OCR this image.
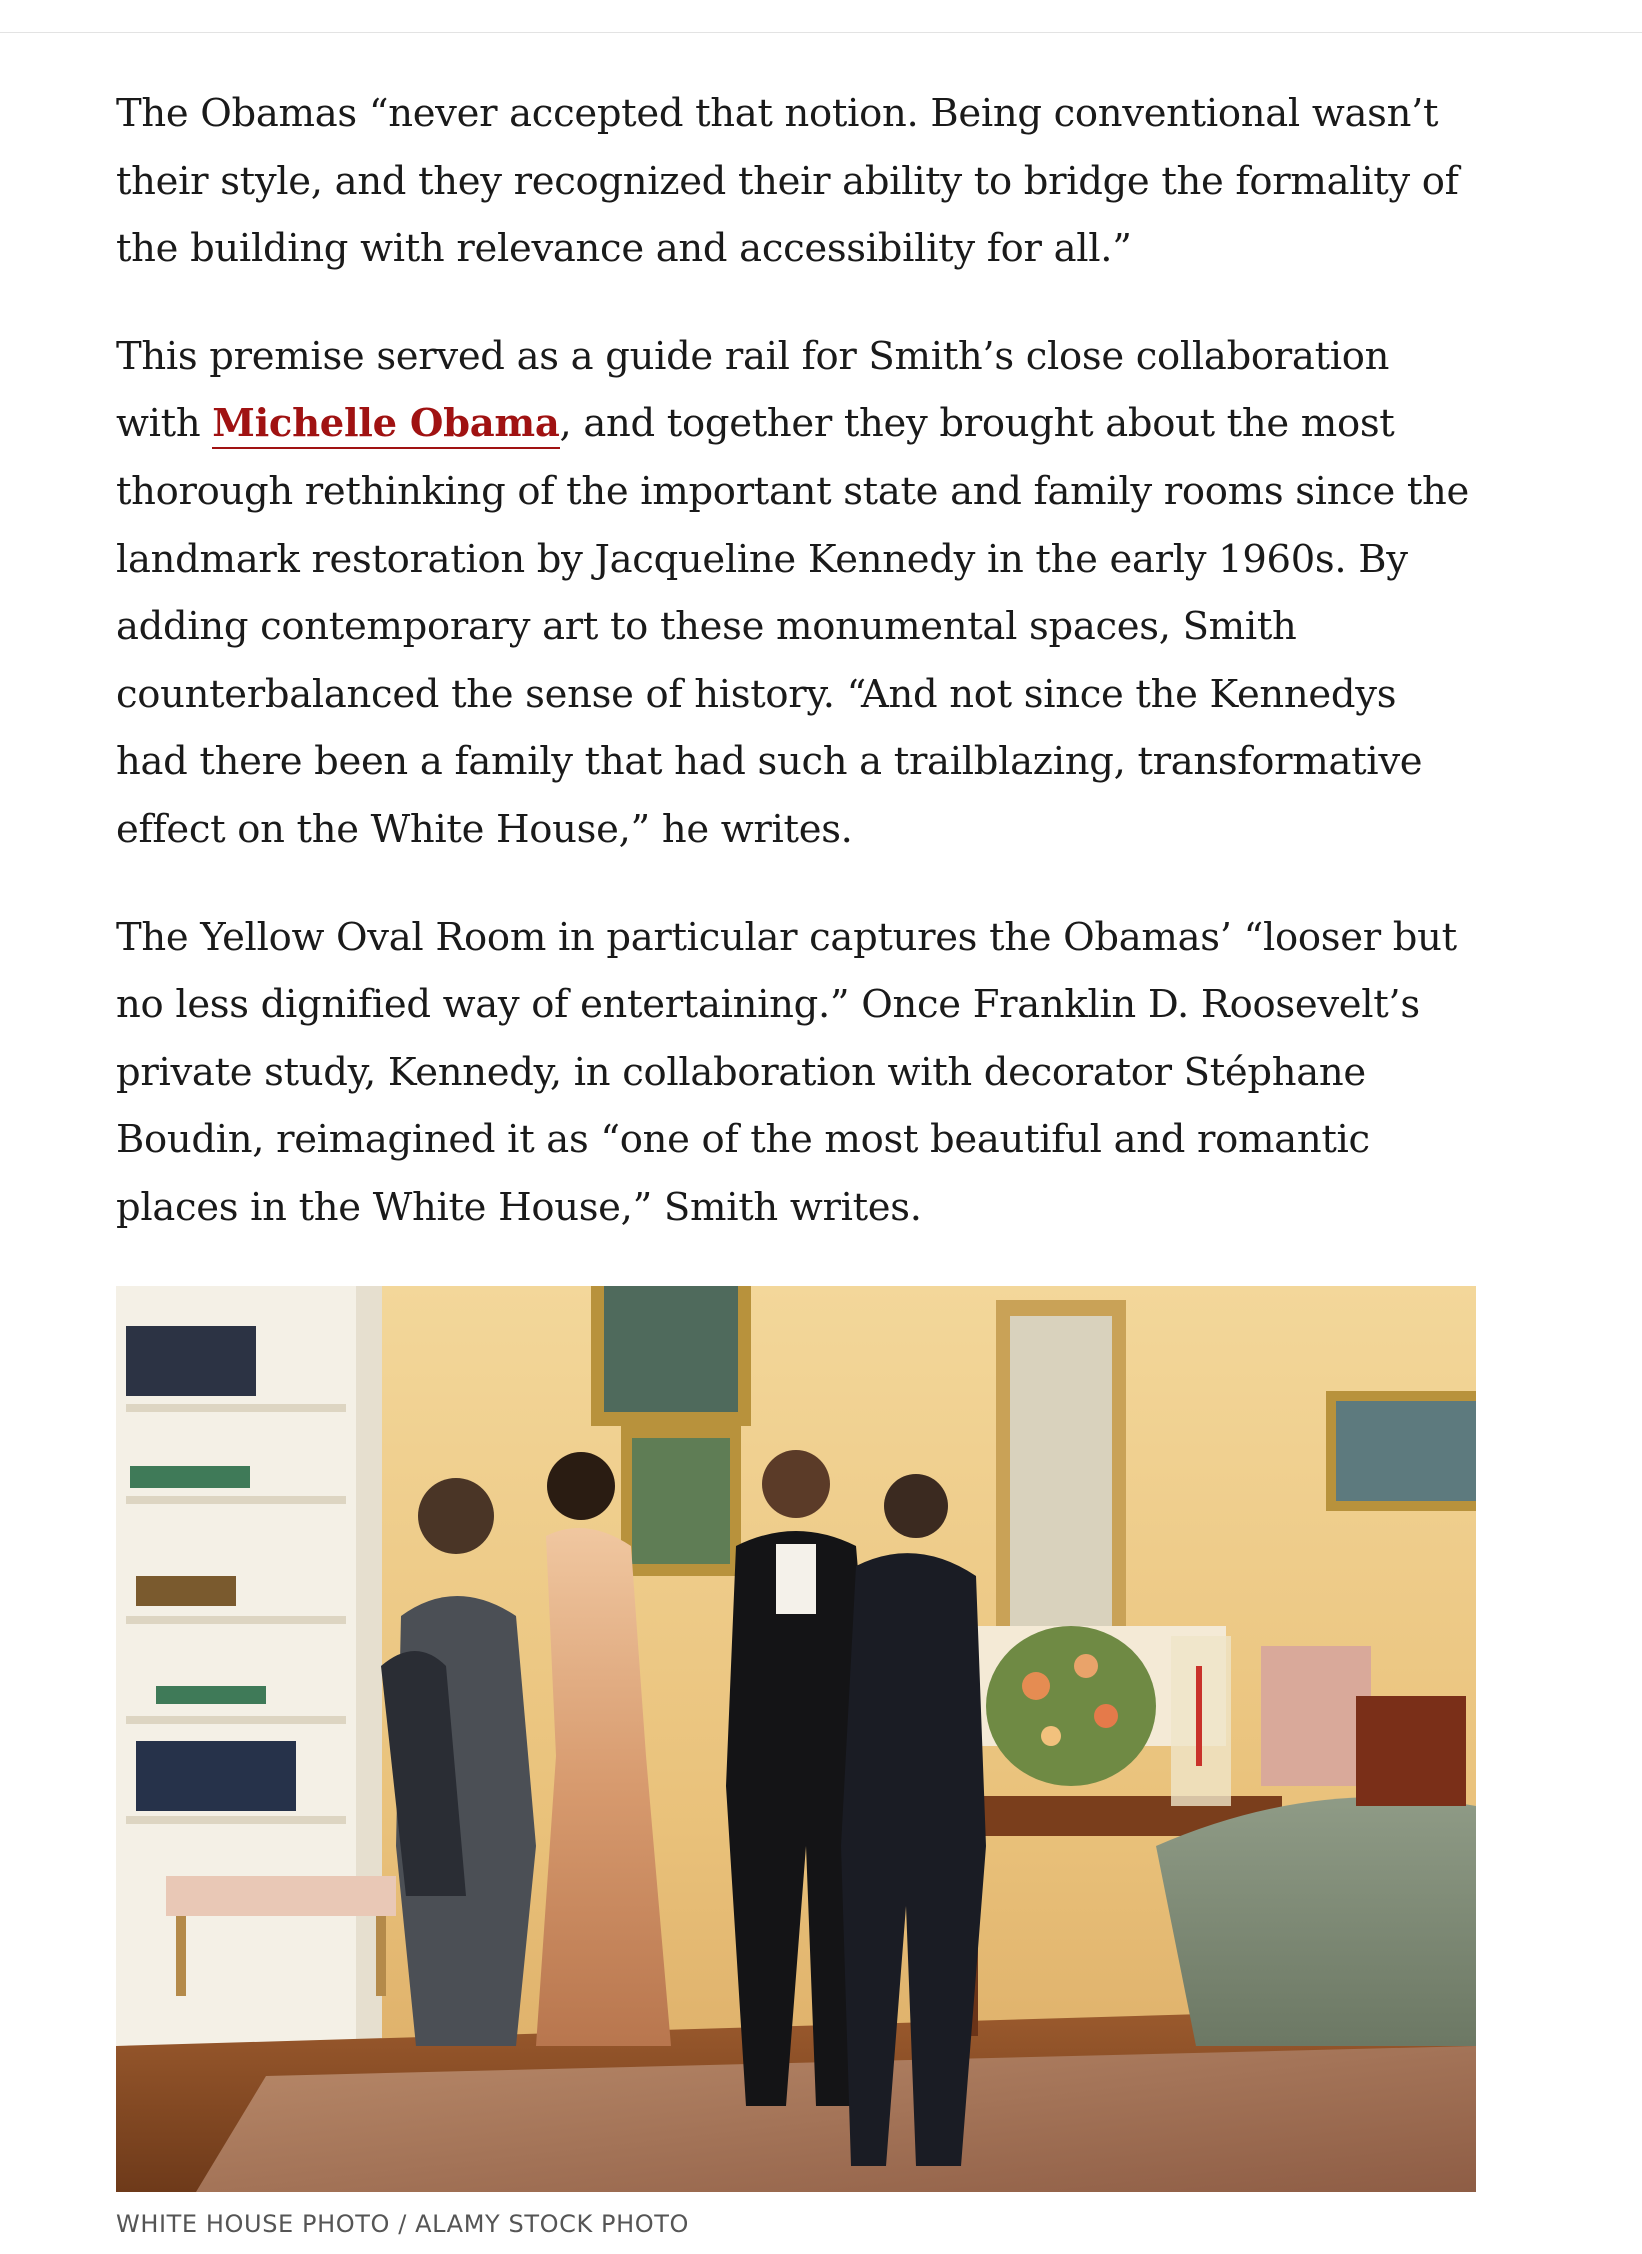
The Obamas “never accepted that notion. Being conventional wasn’t their style, and they recognized their ability to bridge the formality of the building with relevance and accessibility for all.”

This premise served as a guide rail for Smith’s close collaboration with Michelle Obama, and together they brought about the most thorough rethinking of the important state and family rooms since the landmark restoration by Jacqueline Kennedy in the early 1960s. By adding contemporary art to these monumental spaces, Smith counterbalanced the sense of history. “And not since the Kennedys had there been a family that had such a trailblazing, transformative effect on the White House,” he writes.

The Yellow Oval Room in particular captures the Obamas’ “looser but no less dignified way of entertaining.” Once Franklin D. Roosevelt’s private study, Kennedy, in collaboration with decorator Stéphane Boudin, reimagined it as “one of the most beautiful and romantic places in the White House,” Smith writes.

WHITE HOUSE PHOTO / ALAMY STOCK PHOTO
